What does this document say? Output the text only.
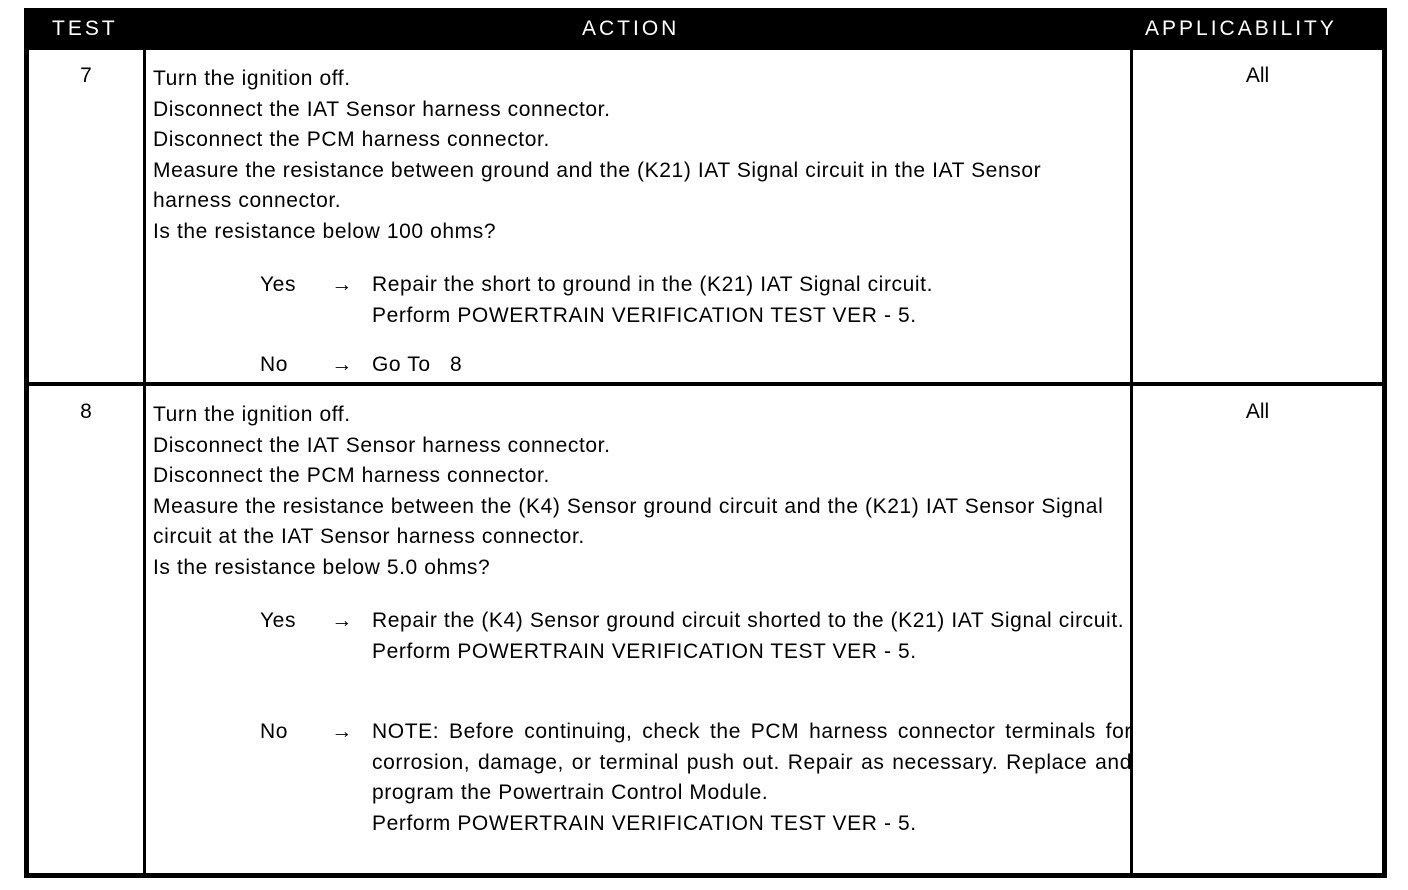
TEST	ACTION	APPLICABILITY
7	Turn the ignition off.
Disconnect the IAT Sensor harness connector.
Disconnect the PCM harness connector.
Measure the resistance between ground and the (K21) IAT Signal circuit in the IAT Sensor harness connector.
Is the resistance below 100 ohms?
Yes	→ Repair the short to ground in the (K21) IAT Signal circuit.
Perform POWERTRAIN VERIFICATION TEST VER - 5.
No	→ Go To   8
All
8	Turn the ignition off.
Disconnect the IAT Sensor harness connector.
Disconnect the PCM harness connector.
Measure the resistance between the (K4) Sensor ground circuit and the (K21) IAT Sensor Signal circuit at the IAT Sensor harness connector.
Is the resistance below 5.0 ohms?
Yes	→ Repair the (K4) Sensor ground circuit shorted to the (K21) IAT Signal circuit.
Perform POWERTRAIN VERIFICATION TEST VER - 5.
No	→ NOTE: Before continuing, check the PCM harness connector terminals for corrosion, damage, or terminal push out. Repair as necessary. Replace and program the Powertrain Control Module.
Perform POWERTRAIN VERIFICATION TEST VER - 5.
All
